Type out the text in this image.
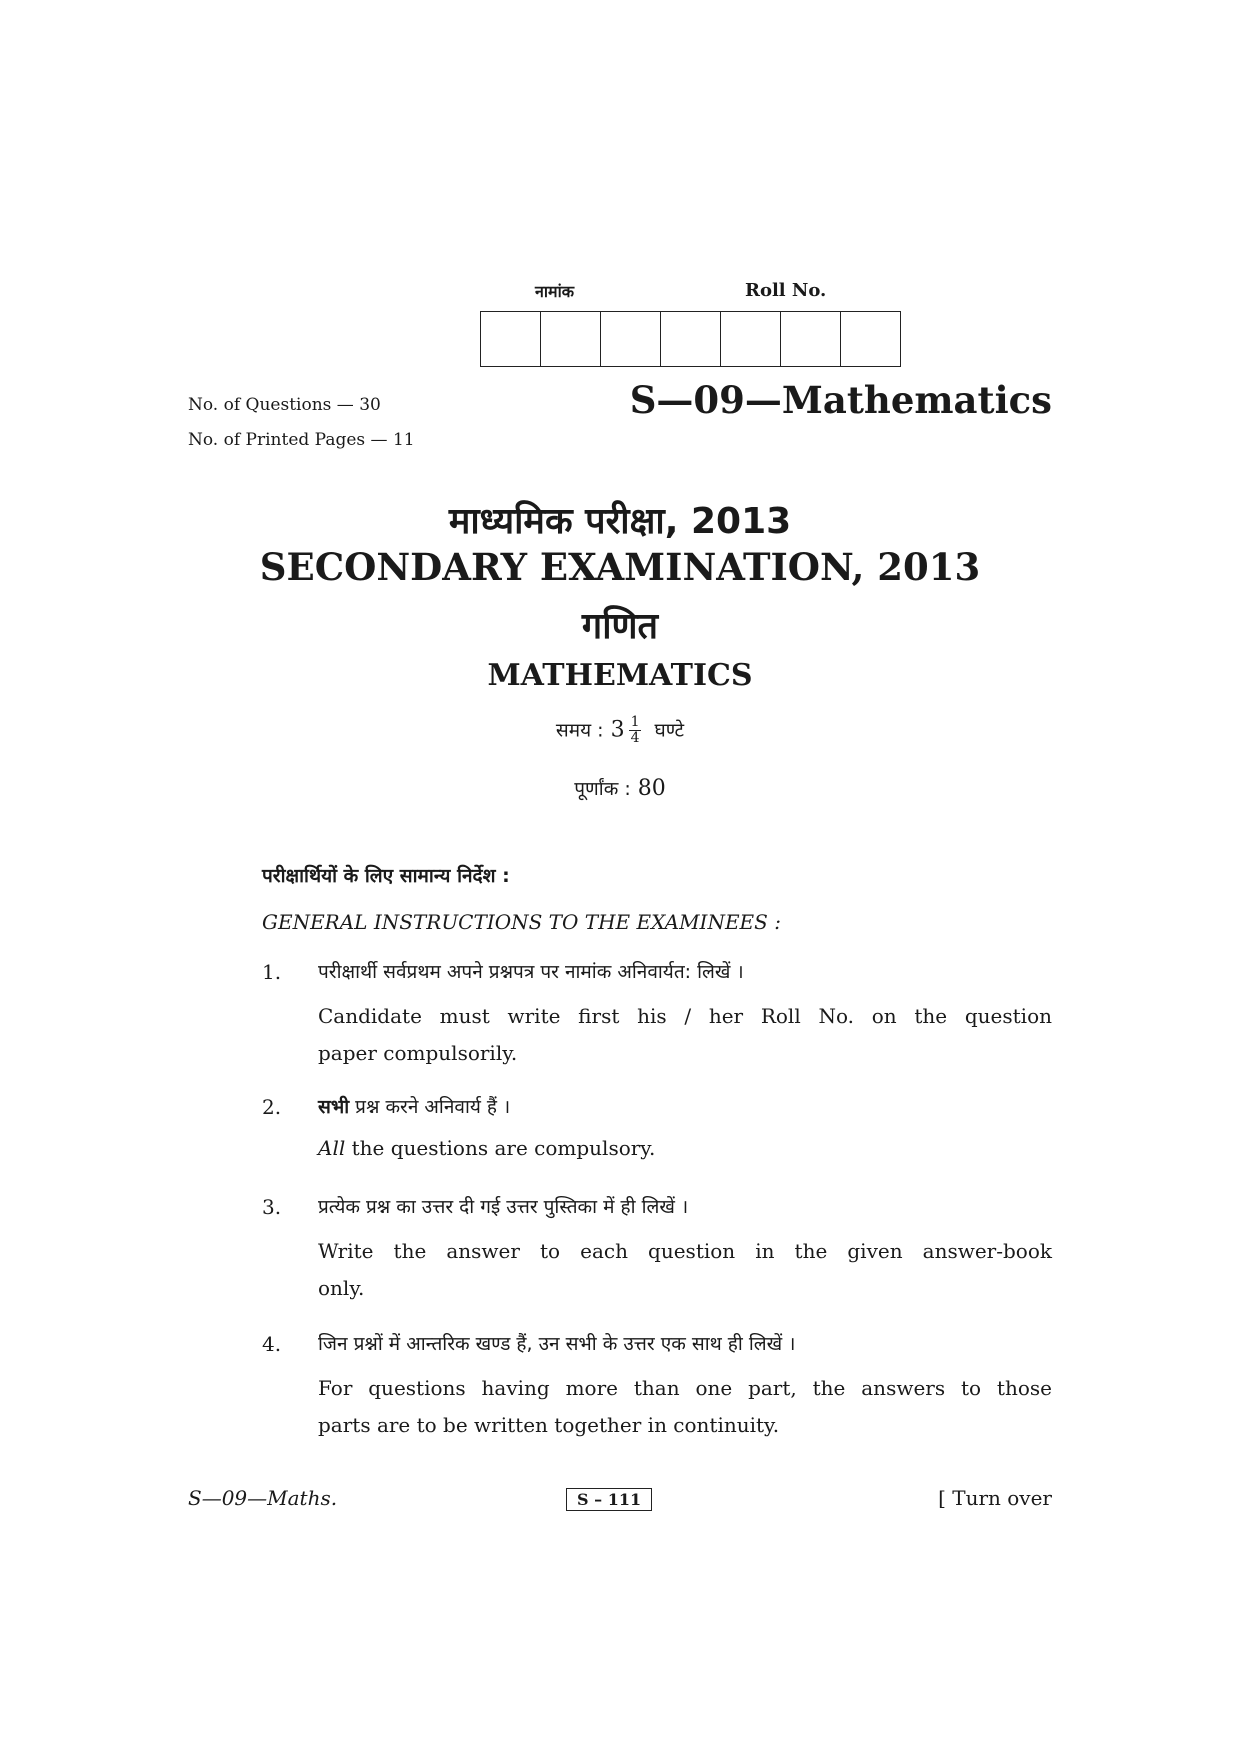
नामांक	Roll No.
No. of Questions — 30
No. of Printed Pages — 11
S—09—Mathematics
माध्यमिक परीक्षा, 2013
SECONDARY EXAMINATION, 2013
गणित
MATHEMATICS
समय : $3 \frac{1}{4}$ घण्टे
पूर्णांक : 80
परीक्षार्थियों के लिए सामान्य निर्देश :
GENERAL INSTRUCTIONS TO THE EXAMINEES :
1. परीक्षार्थी सर्वप्रथम अपने प्रश्नपत्र पर नामांक अनिवार्यत: लिखें ।
Candidate must write first his / her Roll No. on the question
paper compulsorily.
2. सभी प्रश्न करने अनिवार्य हैं ।
All the questions are compulsory.
3. प्रत्येक प्रश्न का उत्तर दी गई उत्तर पुस्तिका में ही लिखें ।
Write the answer to each question in the given answer-book
only.
4. जिन प्रश्नों में आन्तरिक खण्ड हैं, उन सभी के उत्तर एक साथ ही लिखें ।
For questions having more than one part, the answers to those
parts are to be written together in continuity.
S—09—Maths.	S – 111	[ Turn over
